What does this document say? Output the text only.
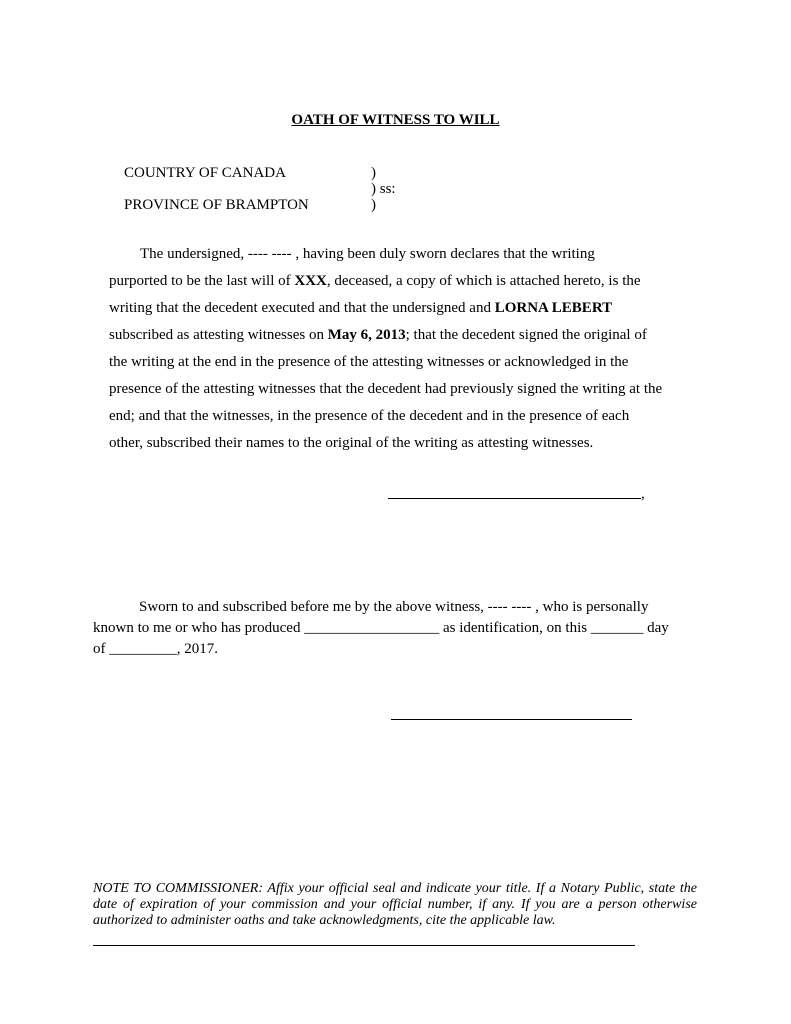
OATH OF WITNESS TO WILL
COUNTRY OF CANADA
PROVINCE OF BRAMPTON
)
) ss:
)
The undersigned, ---- ---- , having been duly sworn declares that the writing
purported to be the last will of XXX, deceased, a copy of which is attached hereto, is the
writing that the decedent executed and that the undersigned and LORNA LEBERT
subscribed as attesting witnesses on May 6, 2013; that the decedent signed the original of
the writing at the end in the presence of the attesting witnesses or acknowledged in the
presence of the attesting witnesses that the decedent had previously signed the writing at the
end; and that the witnesses, in the presence of the decedent and in the presence of each
other, subscribed their names to the original of the writing as attesting witnesses.
,
Sworn to and subscribed before me by the above witness, ---- ---- , who is personally
known to me or who has produced __________________ as identification, on this _______ day
of _________, 2017.
NOTE TO COMMISSIONER: Affix your official seal and indicate your title. If a Notary Public, state the date of expiration of your commission and your official number, if any. If you are a person otherwise authorized to administer oaths and take acknowledgments, cite the applicable law.
